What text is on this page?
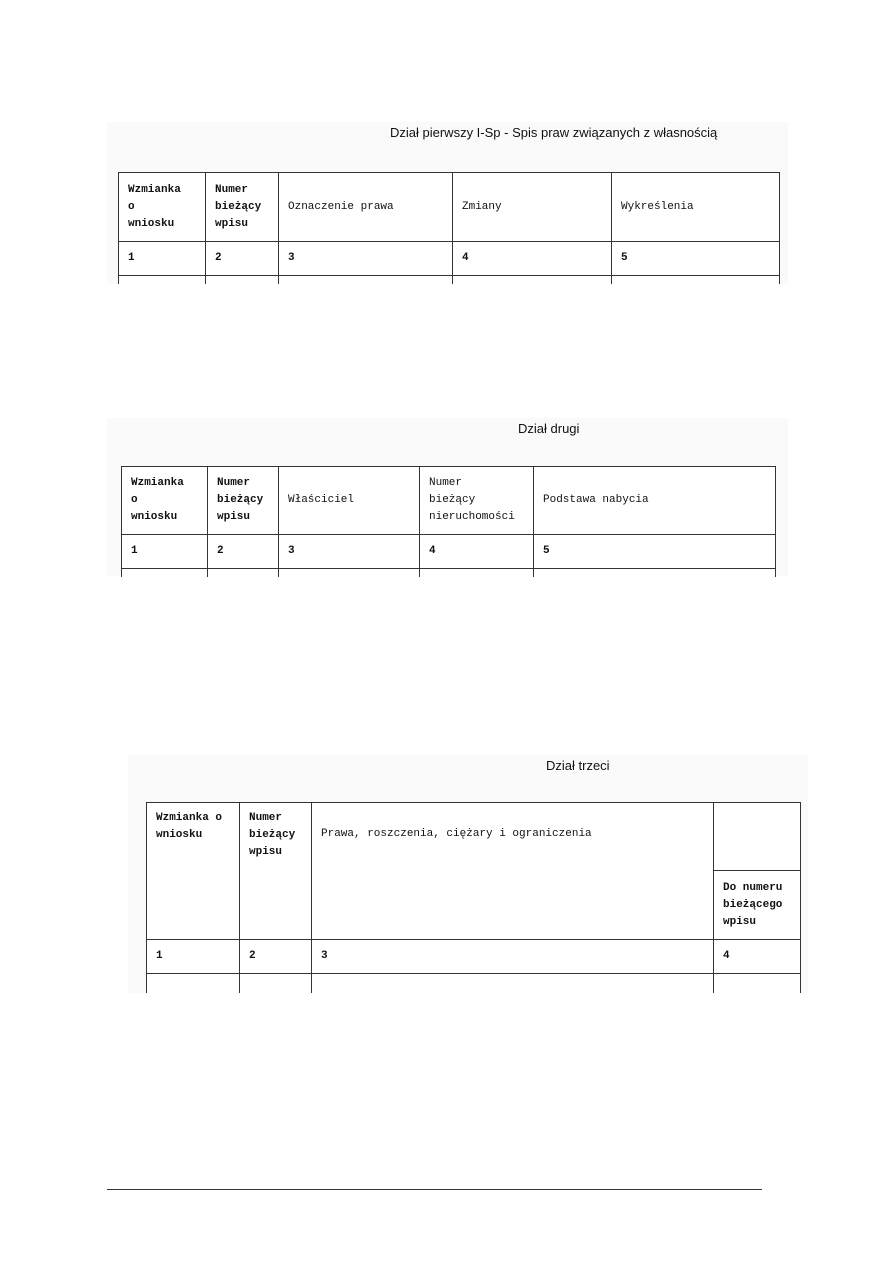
Dział pierwszy I-Sp - Spis praw związanych z własnością
Wzmianka
o
wniosku	Numer
bieżący
wpisu	Oznaczenie prawa	Zmiany	Wykreślenia
1	2	3	4	5

Dział drugi
Wzmianka
o
wniosku	Numer
bieżący
wpisu	Właściciel	Numer
bieżący
nieruchomości	Podstawa nabycia
1	2	3	4	5

Dział trzeci
Wzmianka o
wniosku	Numer
bieżący
wpisu	Prawa, roszczenia, ciężary i ograniczenia	
			Do numeru
bieżącego
wpisu
1	2	3	4
